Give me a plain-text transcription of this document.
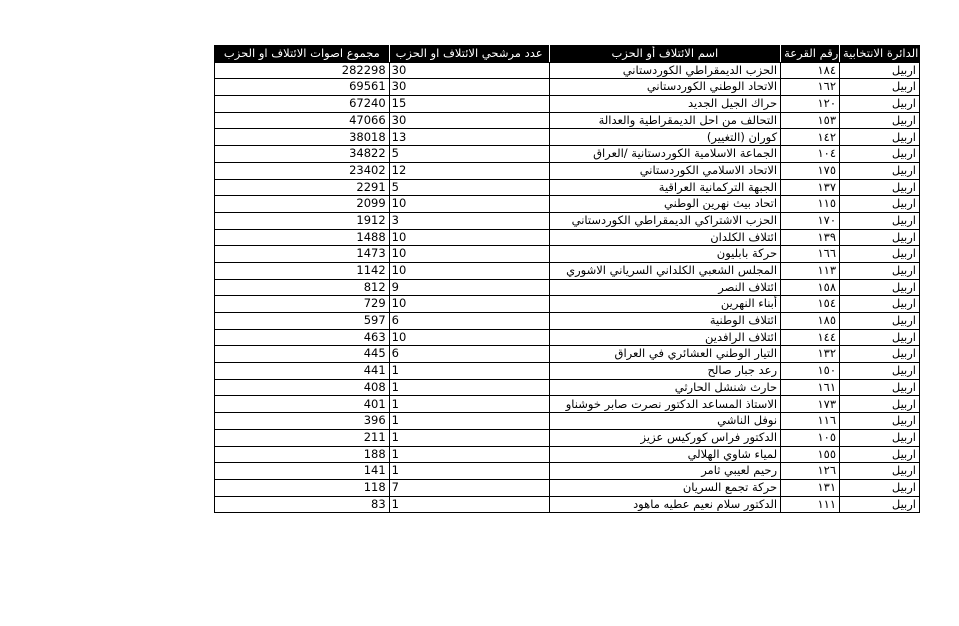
مجموع اصوات الائتلاف او الحزب	عدد مرشحي الائتلاف او الحزب	اسم الائتلاف أو الحزب	رقم القرعة	الدائرة الانتخابية
282298	30	الحزب الديمقراطي الكوردستاني	١٨٤	اربيل
69561	30	الاتحاد الوطني الكوردستاني	١٦٢	اربيل
67240	15	حراك الجيل الجديد	١٢٠	اربيل
47066	30	التحالف من احل الديمقراطية والعدالة	١٥٣	اربيل
38018	13	كوران (التغيير)	١٤٢	اربيل
34822	5	الجماعة الاسلامية الكوردستانية /العراق	١٠٤	اربيل
23402	12	الاتحاد الاسلامي الكوردستاني	١٧٥	اربيل
2291	5	الجبهة التركمانية العراقية	١٣٧	اربيل
2099	10	اتحاد بيث نهرين الوطني	١١٥	اربيل
1912	3	الحزب الاشتراكي الديمقراطي الكوردستاني	١٧٠	اربيل
1488	10	ائتلاف الكلدان	١٣٩	اربيل
1473	10	حركة بابليون	١٦٦	اربيل
1142	10	المجلس الشعبي الكلداني السرياني الاشوري	١١٣	اربيل
812	9	ائتلاف النصر	١٥٨	اربيل
729	10	أبناء النهرين	١٥٤	اربيل
597	6	ائتلاف الوطنية	١٨٥	اربيل
463	10	ائتلاف الرافدين	١٤٤	اربيل
445	6	التيار الوطني العشائري في العراق	١٣٢	اربيل
441	1	رعد جبار صالح	١٥٠	اربيل
408	1	حارث شنشل الحارثي	١٦١	اربيل
401	1	الاستاذ المساعد الدكتور نصرت صابر خوشناو	١٧٣	اربيل
396	1	نوفل الناشي	١١٦	اربيل
211	1	الدكتور فراس كوركيس عزيز	١٠٥	اربيل
188	1	لمياء شاوي الهلالي	١٥٥	اربيل
141	1	رحيم لعيبي ثامر	١٢٦	اربيل
118	7	حركة تجمع السريان	١٣١	اربيل
83	1	الدكتور سلام نعيم عطيه ماهود	١١١	اربيل
